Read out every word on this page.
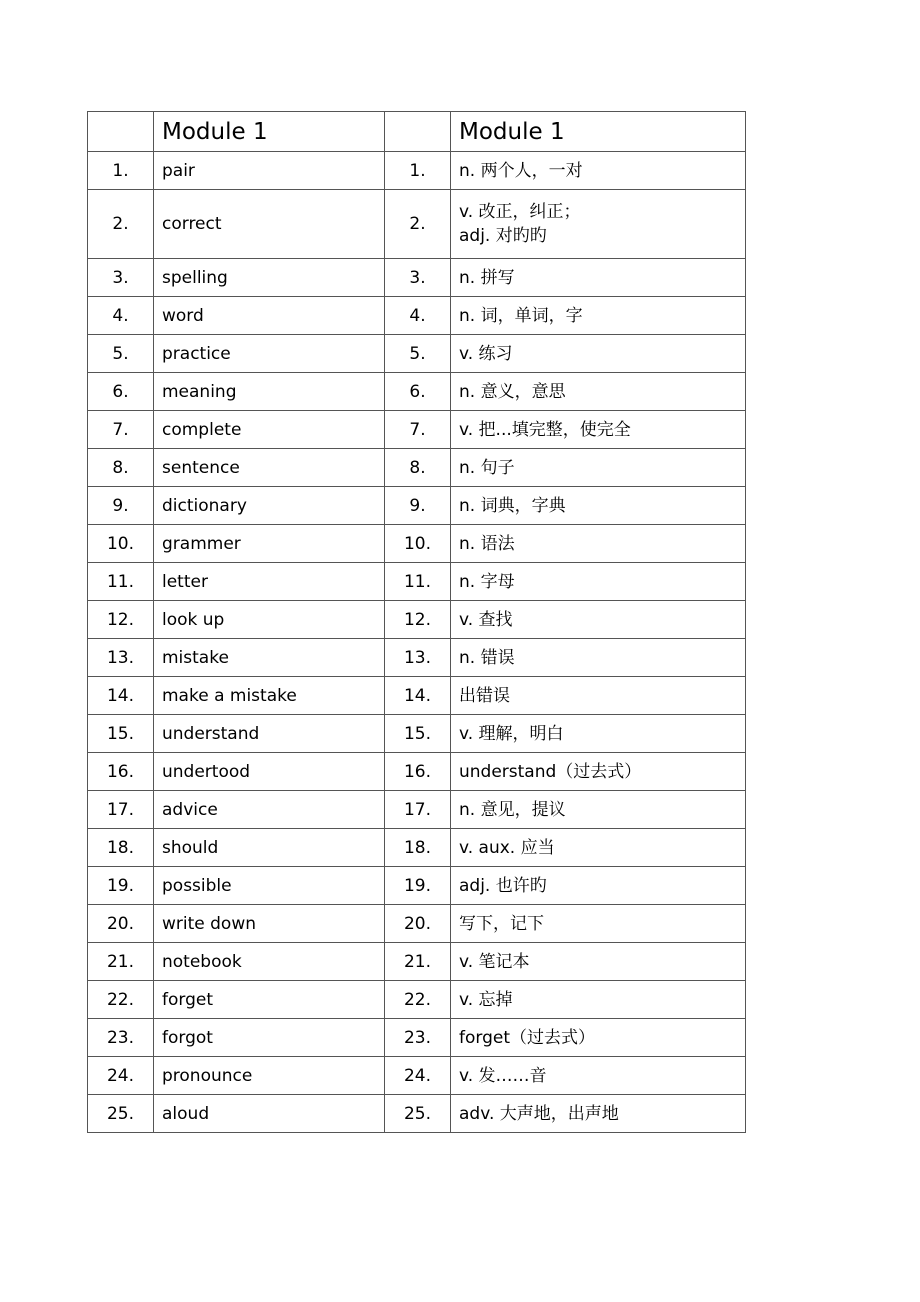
	Module 1		Module 1
1.	pair	1.	n. 两个人，一对

2.	correct	2.	v. 改正，纠正；
adj. 对旳旳

3.	spelling	3.	n. 拼写

4.	word	4.	n. 词，单词，字

5.	practice	5.	v. 练习

6.	meaning	6.	n. 意义，意思

7.	complete	7.	v. 把...填完整，使完全

8.	sentence	8.	n. 句子

9.	dictionary	9.	n. 词典，字典

10.	grammer	10.	n. 语法

11.	letter	11.	n. 字母

12.	look up	12.	v. 查找

13.	mistake	13.	n. 错误

14.	make a mistake	14.	出错误

15.	understand	15.	v. 理解，明白

16.	undertood	16.	understand（过去式）

17.	advice	17.	n. 意见，提议

18.	should	18.	v. aux. 应当

19.	possible	19.	adj. 也许旳

20.	write down	20.	写下，记下

21.	notebook	21.	v. 笔记本

22.	forget	22.	v. 忘掉

23.	forgot	23.	forget（过去式）

24.	pronounce	24.	v. 发……音

25.	aloud	25.	adv. 大声地，出声地
